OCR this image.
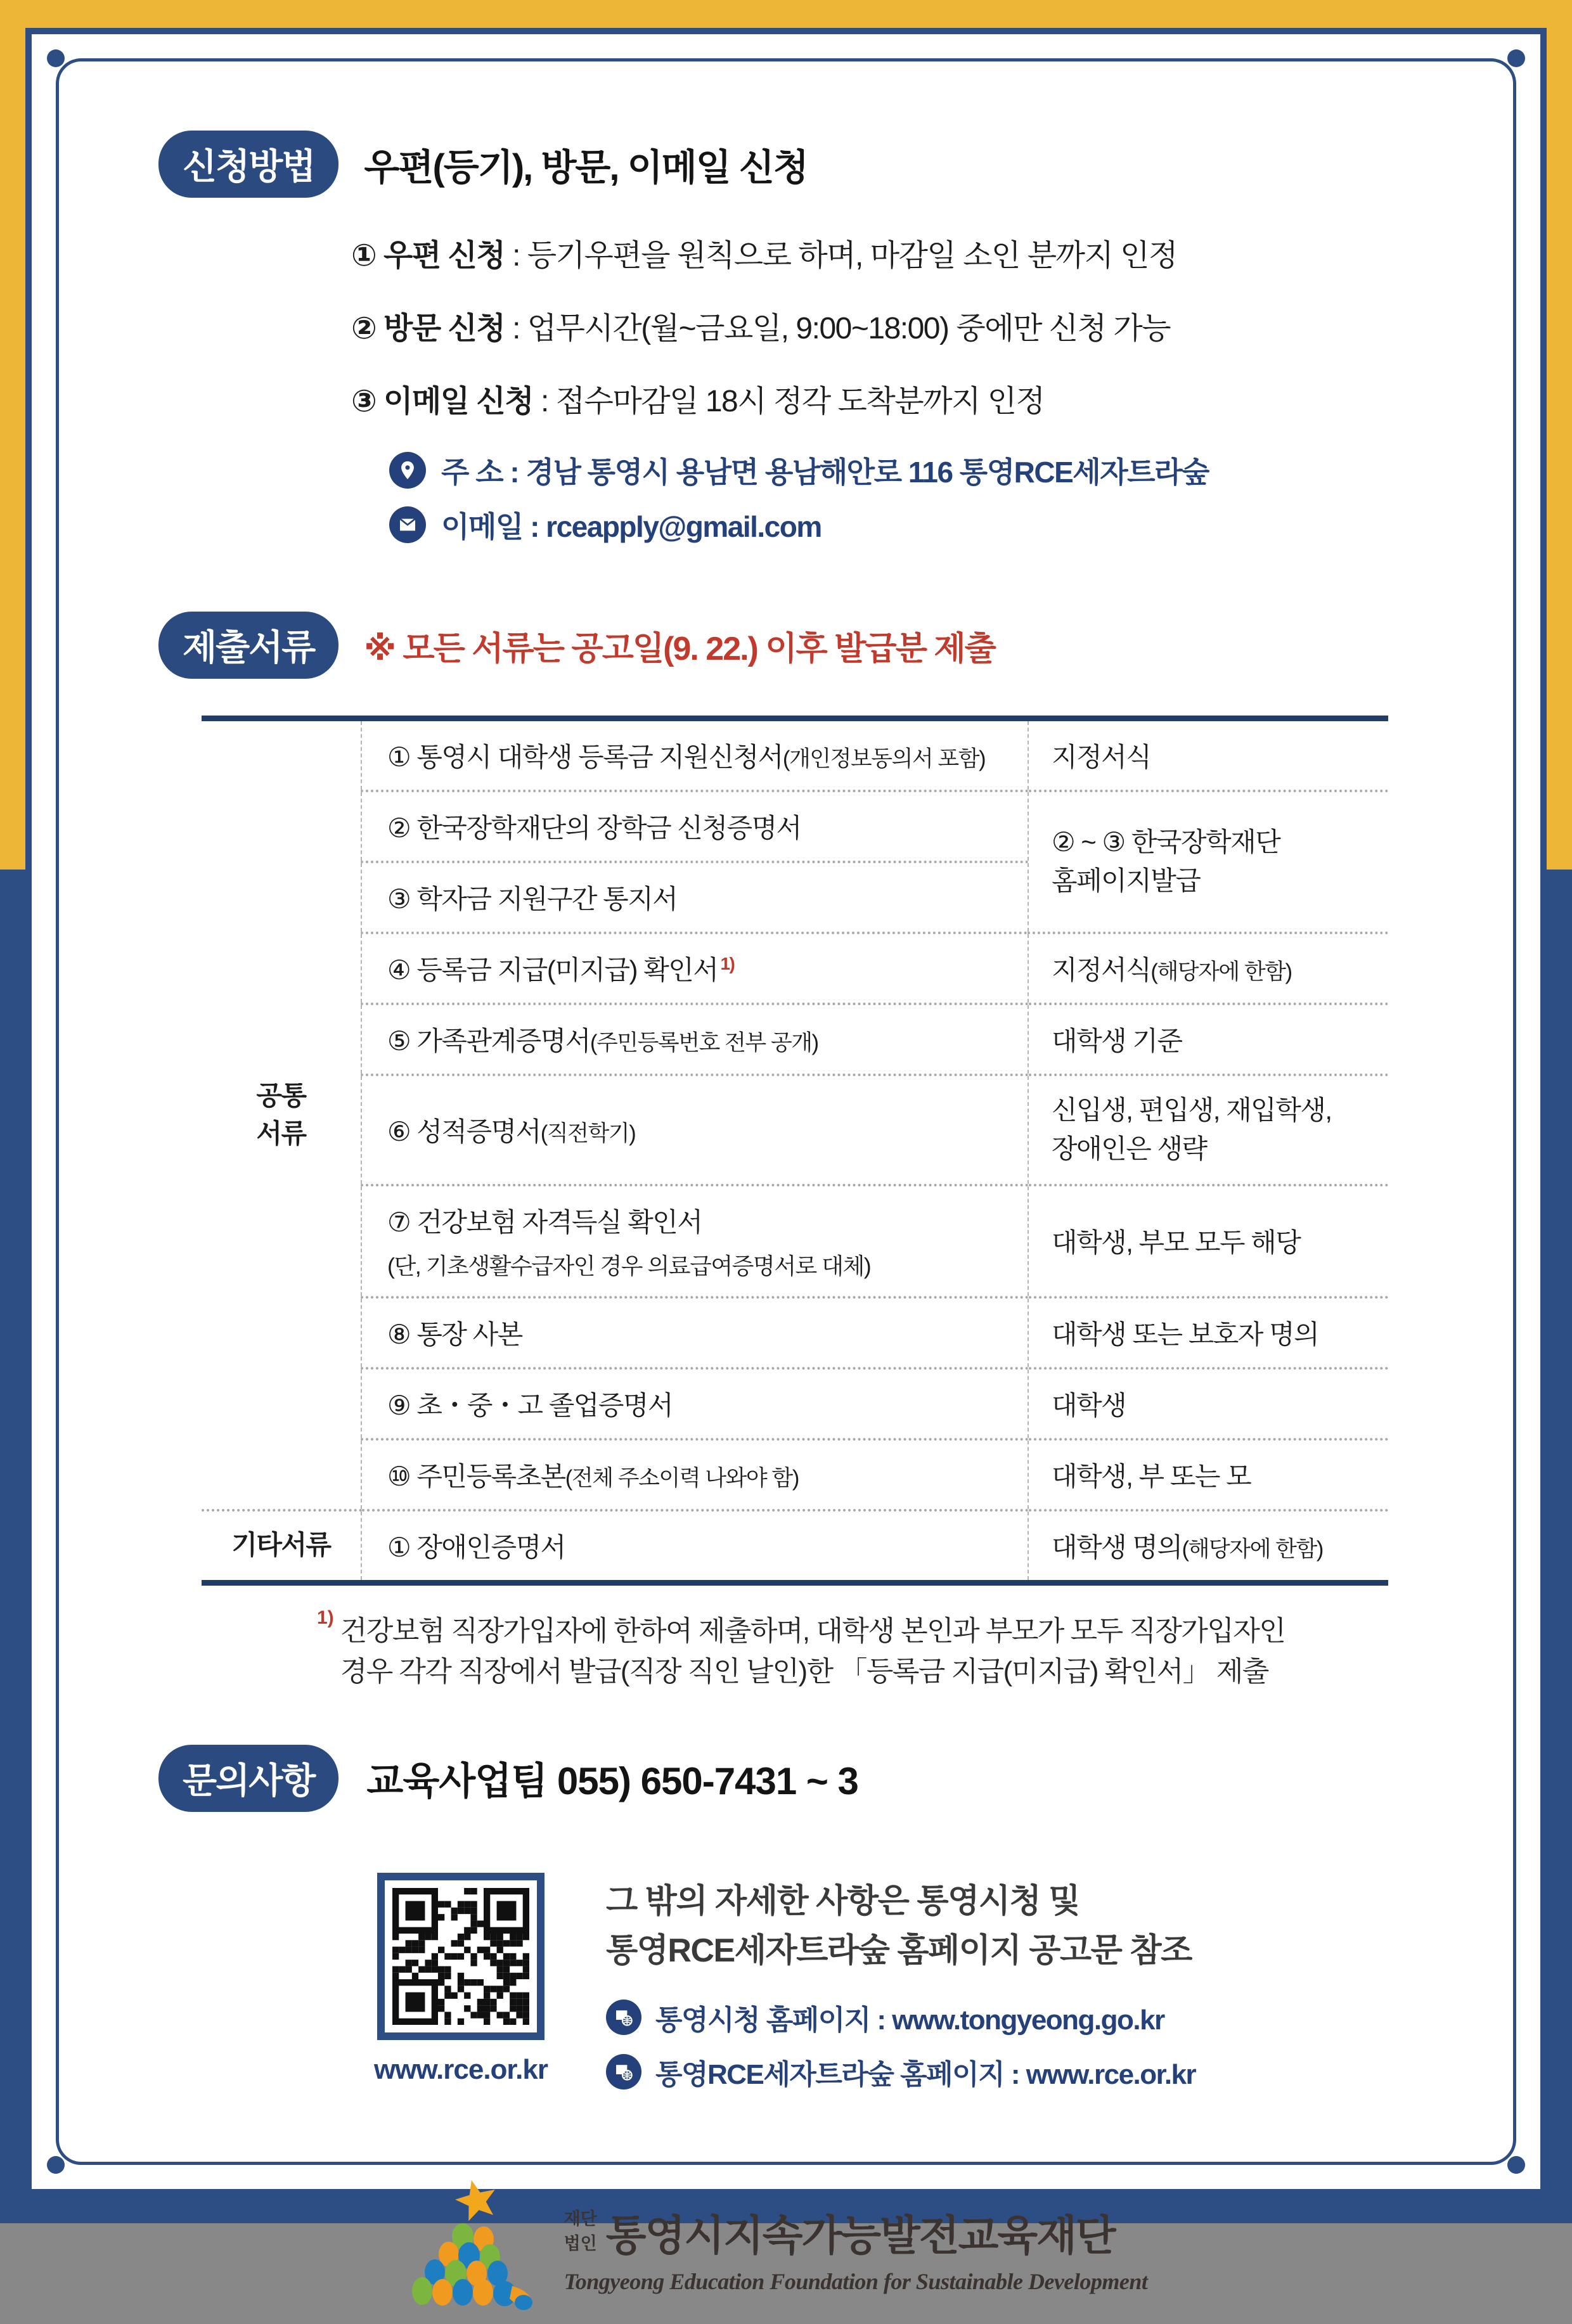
신청방법	우편(등기), 방문, 이메일 신청
① 우편 신청 : 등기우편을 원칙으로 하며, 마감일 소인 분까지 인정
② 방문 신청 : 업무시간(월~금요일, 9:00~18:00) 중에만 신청 가능
③ 이메일 신청 : 접수마감일 18시 정각 도착분까지 인정
주 소 : 경남 통영시 용남면 용남해안로 116 통영RCE세자트라숲
이메일 : rceapply@gmail.com
제출서류	※ 모든 서류는 공고일(9. 22.) 이후 발급분 제출
공통
서류	① 통영시 대학생 등록금 지원신청서(개인정보동의서 포함)	지정서식
	② 한국장학재단의 장학금 신청증명서	② ~ ③ 한국장학재단
홈페이지발급

	③ 학자금 지원구간 통지서	
	④ 등록금 지급(미지급) 확인서 $^{1)}$	지정서식(해당자에 한함)
	⑤ 가족관계증명서(주민등록번호 전부 공개)	대학생 기준
	⑥ 성적증명서(직전학기)	신입생, 편입생, 재입학생,
장애인은 생략

	⑦ 건강보험 자격득실 확인서
(단, 기초생활수급자인 경우 의료급여증명서로 대체)	대학생, 부모 모두 해당
	⑧ 통장 사본	대학생 또는 보호자 명의
	⑨ 초・중・고 졸업증명서	대학생
	⑩ 주민등록초본(전체 주소이력 나와야 함)	대학생, 부 또는 모
기타서류	① 장애인증명서	대학생 명의(해당자에 한함)
1) 건강보험 직장가입자에 한하여 제출하며, 대학생 본인과 부모가 모두 직장가입자인
경우 각각 직장에서 발급(직장 직인 날인)한 「등록금 지급(미지급) 확인서」 제출
문의사항	교육사업팀 055) 650-7431 ~ 3
www.rce.or.kr
그 밖의 자세한 사항은 통영시청 및
통영RCE세자트라숲 홈페이지 공고문 참조
통영시청 홈페이지 : www.tongyeong.go.kr
통영RCE세자트라숲 홈페이지 : www.rce.or.kr
재단
법인 통영시지속가능발전교육재단
Tongyeong Education Foundation for Sustainable Development
